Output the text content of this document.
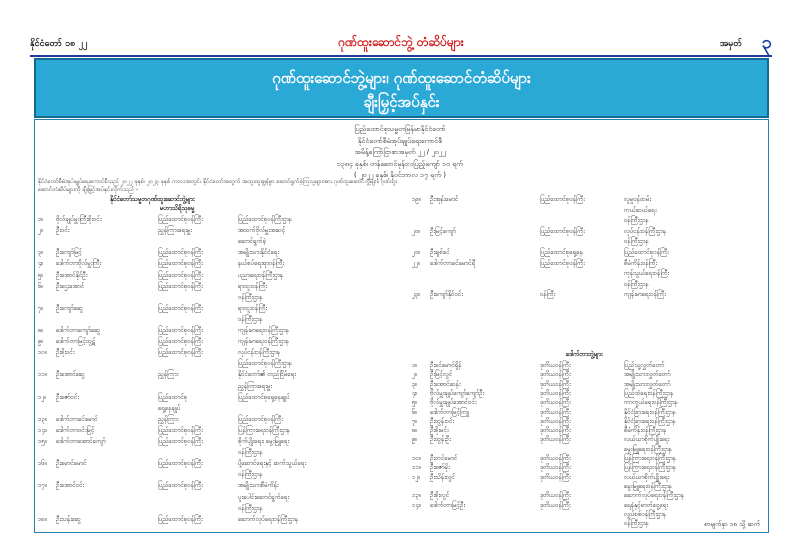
နိုင်ငံတော် ၁၈ ၂၂	ဂုဏ်ထူးဆောင်ဘွဲ့ တံဆိပ်များ	အမှတ် ၃
ဂုဏ်ထူးဆောင်ဘွဲ့များ၊ ဂုဏ်ထူးဆောင်တံဆိပ်များ
ချီးမြှင့်အပ်နှင်း
ပြည်ထောင်စုသမ္မတမြန်မာနိုင်ငံတော်
နိုင်ငံတော်စီမံအုပ်ချုပ်ရေးကောင်စီ
အမိန့်ကြော်ငြာစာအမှတ် ၂၂ / ၂၀၂၂
၁၃၈၄ ခုနှစ်၊ တန်ဆောင်မုန်းလပြည့်ကျော် ၁၀ ရက်
( ၂၀၂၂ ခုနှစ်၊ နိုဝင်ဘာလ ၁၇ ရက် )
နိုင်ငံတော်စီမံအုပ်ချုပ်ရေးကောင်စီသည် ၂၀၂၂ ခုနှစ်၊ ၂၀၂၃ ခုနှစ် ကာလအတွင်း နိုင်ငံတော်အတွက် အထူးထူးချွန်စွာ ဆောင်ရွက်ခဲ့ကြသူများအား ဂုဏ်ထူးဆောင်ဘွဲ့များ၊ ဂုဏ်ထူး
ဆောင်တံဆိပ်များကို ချီးမြှင့်အပ်နှင်းလိုက်သည် -
နိုင်ငံတော်သမ္မတဂုဏ်ထူးဆောင်ဘွဲ့များ
မဟာသိရိသုဓမ္မ
၁။ ဗိုလ်ချုပ်မှူးကြီးစိုးဝင်း	ပြည်ထောင်စုဝန်ကြီး	ပြည်ထောင်စုဝန်ကြီးဌာန
၂။ ဦးဝင်း	ညွှန်ကြားရေးမှူး	အထက်ဗိုလ်မှူးအဆင့်
ဆောင်ရွက်ခဲ့
၃။ ဦးကျော်မြင့်	ပြည်ထောင်စုဝန်ကြီး	အမျိုးသားနိုင်ငံရေး
၄။ ဒေါက်တာဗိုလ်မှူးကြီး	ပြည်ထောင်စုဝန်ကြီး	နယ်စပ်ရေးရာဝန်ကြီး
၅။ ဦးအောင်နိုင်ဦး	ပြည်ထောင်စုဝန်ကြီး	ပညာရေးဝန်ကြီးဌာန
၆။ ဦးဌေးအောင်	ပြည်ထောင်စုဝန်ကြီး	ရာထူးဝန်ကြီး
ဝန်ကြီးဌာန
၇။ ဦးကျော်ဆွေ	ပြည်ထောင်စုဝန်ကြီး	ရာထူးဝန်ကြီး
ဝန်ကြီးဌာန
၈။ ဒေါက်တာကျော်ဆွေ	ပြည်ထောင်စုဝန်ကြီး	ကျန်းမာရေးဝန်ကြီးဌာန
၉။ ဒေါက်တာမြင့်ထွဋ်	ပြည်ထောင်စုဝန်ကြီး	ကျန်းမာရေးဝန်ကြီးဌာန
၁၀။ ဦးစိုးဝင်း	ပြည်ထောင်စုဝန်ကြီး	လုပ်ငန်းဝန်ကြီးဌာန
ပြည်ထောင်စုဝန်ကြီးဌာန
၁၁။ ဦးအောင်ဆွေ	ညွှန်ကြား	နိုင်ငံတော်၏ တည်ငြိမ်ရေး
ညွှန်ကြားရေးမှူး
၁၂။ ဦးဇော်ဝင်း	ပြည်ထောင်စု	ပြည်ထောင်စုရှေ့နေချုပ်
ရှေ့နေချုပ်
၁၃။ ဒေါက်တာခင်မောင်	ညွှန်ကြား	ပြည်ထောင်စုဝန်ကြီး
၁၄။ ဒေါက်တာဝင်းမြင့်	ပြည်ထောင်စုဝန်ကြီး	ပြန်ကြားရေးဝန်ကြီးဌာန
၁၅။ ဒေါက်တာအောင်ကျော်	ပြည်ထောင်စုဝန်ကြီး	စိုက်ပျိုးရေး၊ မွေးမြူရေး
ဝန်ကြီးဌာန
၁၆။ ဦးမောင်မောင်	ပြည်ထောင်စုဝန်ကြီး	ပို့ဆောင်ရေးနှင့် ဆက်သွယ်ရေး
ဝန်ကြီးဌာန
၁၇။ ဦးအောင်ဝင်း	ပြည်ထောင်စုဝန်ကြီး	အမျိုးသားစီမံကိန်း
ပူးပေါင်းဆောင်ရွက်ရေး
ဝန်ကြီးဌာန
၁၈။ ဦးသန်းဆွေ	ပြည်ထောင်စုဝန်ကြီး	ဆောက်လုပ်ရေးဝန်ကြီးဌာန
၁၉။ ဦးအုန်းမောင်	ပြည်ထောင်စုဝန်ကြီး	လူမှုဝန်ထမ်း
ကယ်ဆယ်ရေး
ဝန်ကြီးဌာန
၂၀။ ဦးမြင့်ကျော်	ပြည်ထောင်စုဝန်ကြီး	လုပ်ငန်းဝန်ကြီးဌာန
ဝန်ကြီးဌာန
၂၁။ ဦးချစ်ခင်	ပြည်ထောင်စုရှေ့နေ	ပြည်ထောင်စုဝန်ကြီး
၂၂။ ဒေါက်တာခင်မောင်ရီ	ပြည်ထောင်စုဝန်ကြီး	စီမံကိန်းဝန်ကြီး
ကုန်သွယ်ရေးဝန်ကြီး
ဝန်ကြီးဌာန
၂၃။ ဦးကျော်နိုင်ဝင်း	ဝန်ကြီး	ကျန်းမာရေးဝန်ကြီး
ဒေါက်တာဘွဲ့များ
၁။ ဦးခင်မောင်ရှိန်	ဒုတိယဝန်ကြီး	ပြည်သူ့လွှတ်တော်
၂။ ဦးမြင့်လွင်	ဒုတိယဝန်ကြီး	အမျိုးသားလွှတ်တော်
၃။ ဦးအောင်ဆန်း	ဒုတိယဝန်ကြီး	အမျိုးသားလွှတ်တော်
၄။ ဗိုလ်မှူးချုပ်ကျော်ကျော်ဦး	ဒုတိယဝန်ကြီး	ပြည်ထဲရေးဝန်ကြီးဌာန
၅။ ဗိုလ်မှူးချုပ်အောင်ဝင်း	ဒုတိယဝန်ကြီး	ကာကွယ်ရေးဝန်ကြီးဌာန
၆။ ဒေါက်တာမြင့်ကြူ	ဒုတိယဝန်ကြီး	နိုင်ငံခြားရေးဝန်ကြီးဌာန
၇။ ဦးထွန်းဝင်း	ဒုတိယဝန်ကြီး	နိုင်ငံခြားရေးဝန်ကြီးဌာန
၈။ ဦးစိုးမင်း	ဒုတိယဝန်ကြီး	စီမံကိန်းဝန်ကြီးဌာန
၉။ ဦးထွန်းဦး	ဒုတိယဝန်ကြီး	လယ်ယာစိုက်ပျိုးရေး
မွေးမြူရေးဝန်ကြီးဌာန
၁၀။ ဦးတင်မောင်	ဒုတိယဝန်ကြီး	ပြန်ကြားရေးဝန်ကြီးဌာန
၁၁။ ဦးဇော်မိုး	ဒုတိယဝန်ကြီး	ပြန်ကြားရေးဝန်ကြီးဌာန
၁၂။ ဦးသိန်းလွင်	ဒုတိယဝန်ကြီး	လယ်ယာစိုက်ပျိုးရေး
မွေးမြူရေးဝန်ကြီးဌာန
၁၃။ ဦးစိုးလွင်	ဒုတိယဝန်ကြီး	ဆောက်လုပ်ရေးဝန်ကြီးဌာန
၁၄။ ဒေါက်တာမြင့်ဦး	ဒုတိယဝန်ကြီး	ရေနံနှင့်ဓာတ်ငွေ့ရေး
လျှပ်စစ်ဝန်ကြီးဌာန
ဝန်ကြီးဌာန	စာမျက်နှာ ၁၈ သို့ ဆက်
